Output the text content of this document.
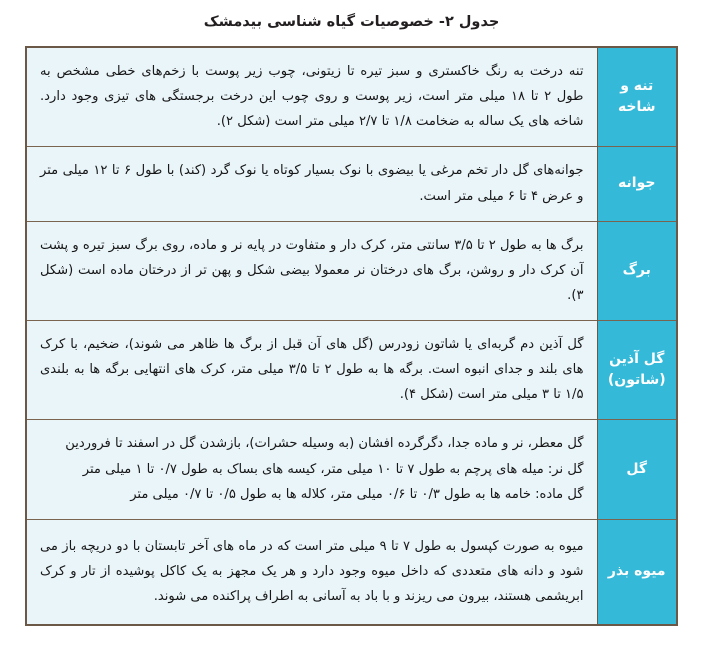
جدول ۲- خصوصیات گیاه شناسی بیدمشک
تنه و
شاخه	تنه درخت به رنگ خاکستری و سبز تیره تا زیتونی، چوب زیر پوست با زخم‌های خطی مشخص به طول ۲ تا ۱۸ میلی متر است، زیر پوست و روی چوب این درخت برجستگی های تیزی وجود دارد. شاخه های یک ساله به ضخامت ۱/۸ تا ۲/۷ میلی متر است (شکل ۲).

جوانه	جوانه‌های گل دار تخم مرغی یا بیضوی با نوک بسیار کوتاه یا نوک گرد (کند) با طول ۶ تا ۱۲ میلی متر و عرض ۴ تا ۶ میلی متر است.

برگ	برگ ها به طول ۲ تا ۳/۵ سانتی متر، کرک دار و متفاوت در پایه نر و ماده، روی برگ سبز تیره و پشت آن کرک دار و روشن، برگ های درختان نر معمولا بیضی شکل و پهن تر از درختان ماده است (شکل ۳).

گل آذین
(شاتون)	گل آذین دم گربه‌ای یا شاتون زودرس (گل های آن قبل از برگ ها ظاهر می شوند)، ضخیم، با کرک های بلند و جدای انبوه است. برگه ها به طول ۲ تا ۳/۵ میلی متر، کرک های انتهایی برگه ها به بلندی ۱/۵ تا ۳ میلی متر است (شکل ۴).

گل	گل معطر، نر و ماده جدا، دگرگرده افشان (به وسیله حشرات)، بازشدن گل در اسفند تا فروردین

گل نر: میله های پرچم به طول ۷ تا ۱۰ میلی متر، کیسه های بساک به طول ۰/۷ تا ۱ میلی متر

گل ماده: خامه ها به طول ۰/۳ تا ۰/۶ میلی متر، کلاله ها به طول ۰/۵ تا ۰/۷ میلی متر

میوه بذر	میوه به صورت کپسول به طول ۷ تا ۹ میلی متر است که در ماه های آخر تابستان با دو دریچه باز می شود و دانه های متعددی که داخل میوه وجود دارد و هر یک مجهز به یک کاکل پوشیده از تار و کرک ابریشمی هستند، بیرون می ریزند و با باد به آسانی به اطراف پراکنده می شوند.
